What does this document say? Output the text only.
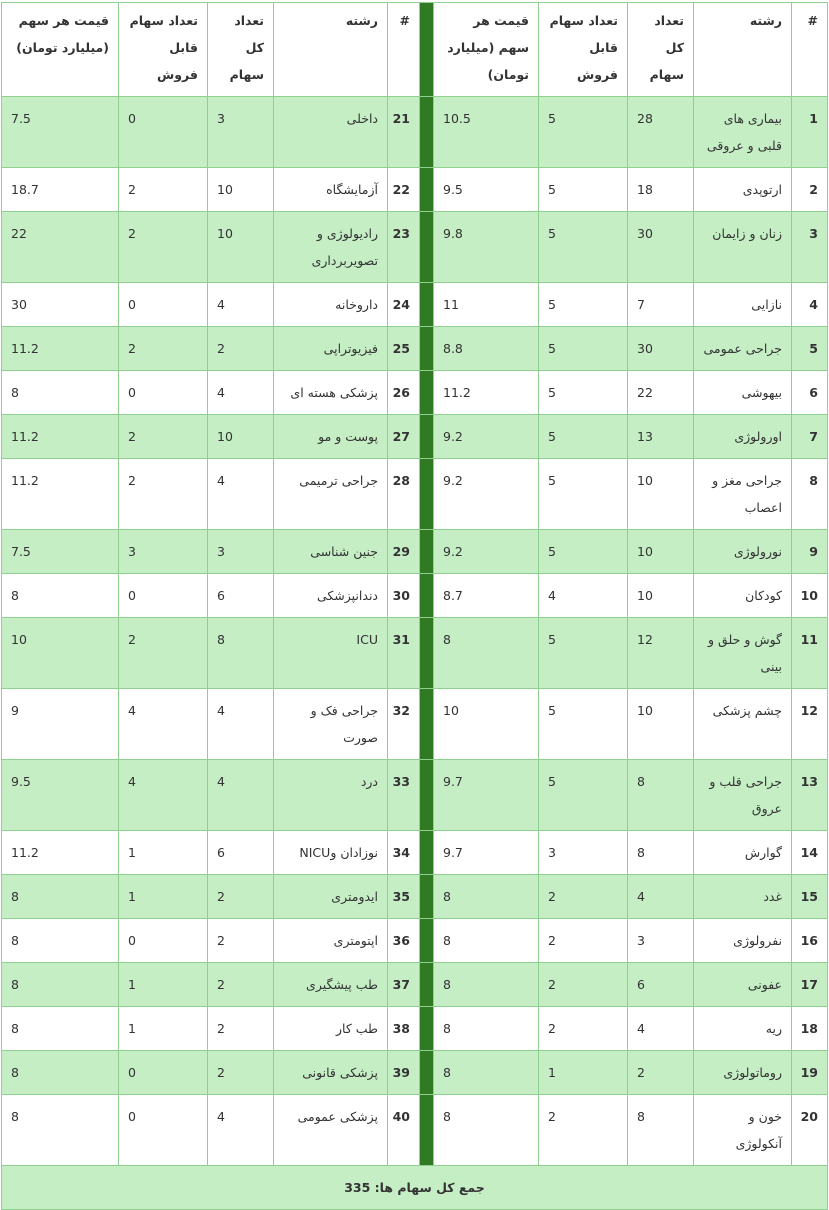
#	رشته	تعداد کل سهام	تعداد سهام قابل فروش	قیمت هر سهم (میلیارد تومان)		#	رشته	تعداد کل سهام	تعداد سهام قابل فروش	قیمت هر سهم (میلیارد تومان)
1	بیماری های قلبی و عروقی	28	5	10.5		21	داخلی	3	0	7.5
2	ارتوپدی	18	5	9.5		22	آزمایشگاه	10	2	18.7
3	زنان و زایمان	30	5	9.8		23	رادیولوژی و تصویربرداری	10	2	22
4	نازایی	7	5	11		24	داروخانه	4	0	30
5	جراحی عمومی	30	5	8.8		25	فیزیوتراپی	2	2	11.2
6	بیهوشی	22	5	11.2		26	پزشکی هسته ای	4	0	8
7	اورولوژی	13	5	9.2		27	پوست و مو	10	2	11.2
8	جراحی مغز و اعصاب	10	5	9.2		28	جراحی ترمیمی	4	2	11.2
9	نورولوژی	10	5	9.2		29	جنین شناسی	3	3	7.5
10	کودکان	10	4	8.7		30	دندانپزشکی	6	0	8
11	گوش و حلق و بینی	12	5	8		31	ICU	8	2	10
12	چشم پزشکی	10	5	10		32	جراحی فک و صورت	4	4	9
13	جراحی قلب و عروق	8	5	9.7		33	درد	4	4	9.5
14	گوارش	8	3	9.7		34	نوزادان وNICU	6	1	11.2
15	غدد	4	2	8		35	ایدومتری	2	1	8
16	نفرولوژی	3	2	8		36	اپتومتری	2	0	8
17	عفونی	6	2	8		37	طب پیشگیری	2	1	8
18	ریه	4	2	8		38	طب کار	2	1	8
19	روماتولوژی	2	1	8		39	پزشکی قانونی	2	0	8
20	خون و آنکولوژی	8	2	8		40	پزشکی عمومی	4	0	8
جمع کل سهام ها: 335										
